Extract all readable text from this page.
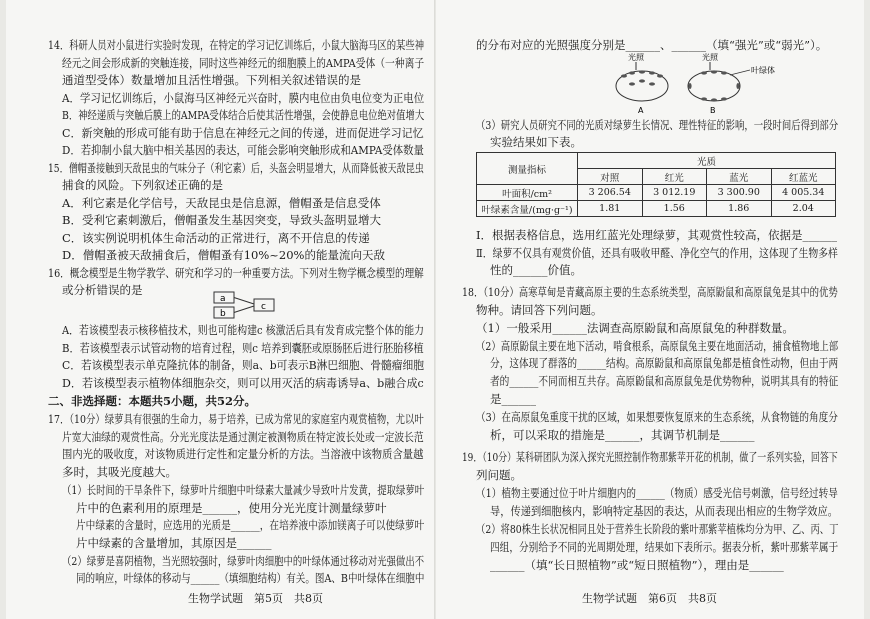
14．科研人员对小鼠进行实验时发现，在特定的学习记忆训练后，小鼠大脑海马区的某些神
经元之间会形成新的突触连接，同时这些神经元的细胞膜上的AMPA受体（一种离子
通道型受体）数量增加且活性增强。下列相关叙述错误的是
A．学习记忆训练后，小鼠海马区神经元兴奋时，膜内电位由负电位变为正电位
B．神经递质与突触后膜上的AMPA受体结合后使其活性增强，会使静息电位绝对值增大
C．新突触的形成可能有助于信息在神经元之间的传递，进而促进学习记忆
D．若抑制小鼠大脑中相关基因的表达，可能会影响突触形成和AMPA受体数量
15．僧帽蚤接触到天敌昆虫的气味分子（利它素）后，头盔会明显增大，从而降低被天敌昆虫
捕食的风险。下列叙述正确的是
A．利它素是化学信号，天敌昆虫是信息源，僧帽蚤是信息受体
B．受利它素刺激后，僧帽蚤发生基因突变，导致头盔明显增大
C．该实例说明机体生命活动的正常进行，离不开信息的传递
D．僧帽蚤被天敌捕食后，僧帽蚤有10%~20%的能量流向天敌
16．概念模型是生物学教学、研究和学习的一种重要方法。下列对生物学概念模型的理解
或分析错误的是
a
b
c
A．若该模型表示核移植技术，则也可能构建c 核激活后具有发育成完整个体的能力
B．若该模型表示试管动物的培育过程，则c 培养到囊胚或原肠胚后进行胚胎移植
C．若该模型表示单克隆抗体的制备，则a、b可表示B淋巴细胞、骨髓瘤细胞
D．若该模型表示植物体细胞杂交，则可以用灭活的病毒诱导a、b融合成c
二、非选择题：本题共5小题，共52分。
17．（10分）绿萝具有很强的生命力，易于培养，已成为常见的家庭室内观赏植物，尤以叶
片宽大油绿的观赏性高。分光光度法是通过测定被测物质在特定波长处或一定波长范
围内光的吸收度，对该物质进行定性和定量分析的方法。当溶液中该物质含量越
多时，其吸光度越大。
（1）长时间的干旱条件下，绿萝叶片细胞中叶绿素大量减少导致叶片发黄，提取绿萝叶
片中的色素利用的原理是______，使用分光光度计测量绿萝叶
片中绿素的含量时，应选用的光质是______，在培养液中添加镁离子可以使绿萝叶
片中绿素的含量增加，其原因是______
（2）绿萝是喜阴植物，当光照较强时，绿萝叶肉细胞中的叶绿体通过移动对光强做出不
同的响应，叶绿体的移动与______（填细胞结构）有关。图A、B中叶绿体在细胞中
生物学试题　第5页　共8页
的分布对应的光照强度分别是______、______（填“强光”或“弱光”）。
光照	光照
叶绿体
A	B
（3）研究人员研究不同的光质对绿萝生长情况、理性特征的影响，一段时间后得到部分
实验结果如下表。
测量指标	光质			
	对照	红光	蓝光	红蓝光
叶面积/cm²	3 206.54	3 012.19	3 300.90	4 005.34
叶绿素含量/(mg·g⁻¹)	1.81	1.56	1.86	2.04
Ⅰ．根据表格信息，选用红蓝光处理绿萝，其观赏性较高，依据是______
Ⅱ．绿萝不仅具有观赏价值，还具有吸收甲醛、净化空气的作用，这体现了生物多样
性的______价值。
18．（10分）高寒草甸是青藏高原主要的生态系统类型，高原鼢鼠和高原鼠兔是其中的优势
物种。请回答下列问题。
（1）一般采用______法调查高原鼢鼠和高原鼠兔的种群数量。
（2）高原鼢鼠主要在地下活动，啃食根系，高原鼠兔主要在地面活动，捕食植物地上部
分，这体现了群落的______结构。高原鼢鼠和高原鼠兔都是植食性动物，但由于两
者的______不同而相互共存。高原鼢鼠和高原鼠兔是优势物种，说明其具有的特征
是______
（3）在高原鼠兔重度干扰的区域，如果想要恢复原来的生态系统，从食物链的角度分
析，可以采取的措施是______，其调节机制是______
19．（10分）某科研团队为深入探究光照控制作物那紫苹开花的机制，做了一系列实验，回答下
列问题。
（1）植物主要通过位于叶片细胞内的______（物质）感受光信号刺激，信号经过转导
导，传递到细胞核内，影响特定基因的表达，从而表现出相应的生物学效应。
（2）将80株生长状况相同且处于营养生长阶段的紫叶那紫苹植株均分为甲、乙、丙、丁
四组，分别给予不同的光周期处理，结果如下表所示。据表分析，紫叶那紫苹属于
______（填“长日照植物”或“短日照植物”），理由是______
生物学试题　第6页　共8页
